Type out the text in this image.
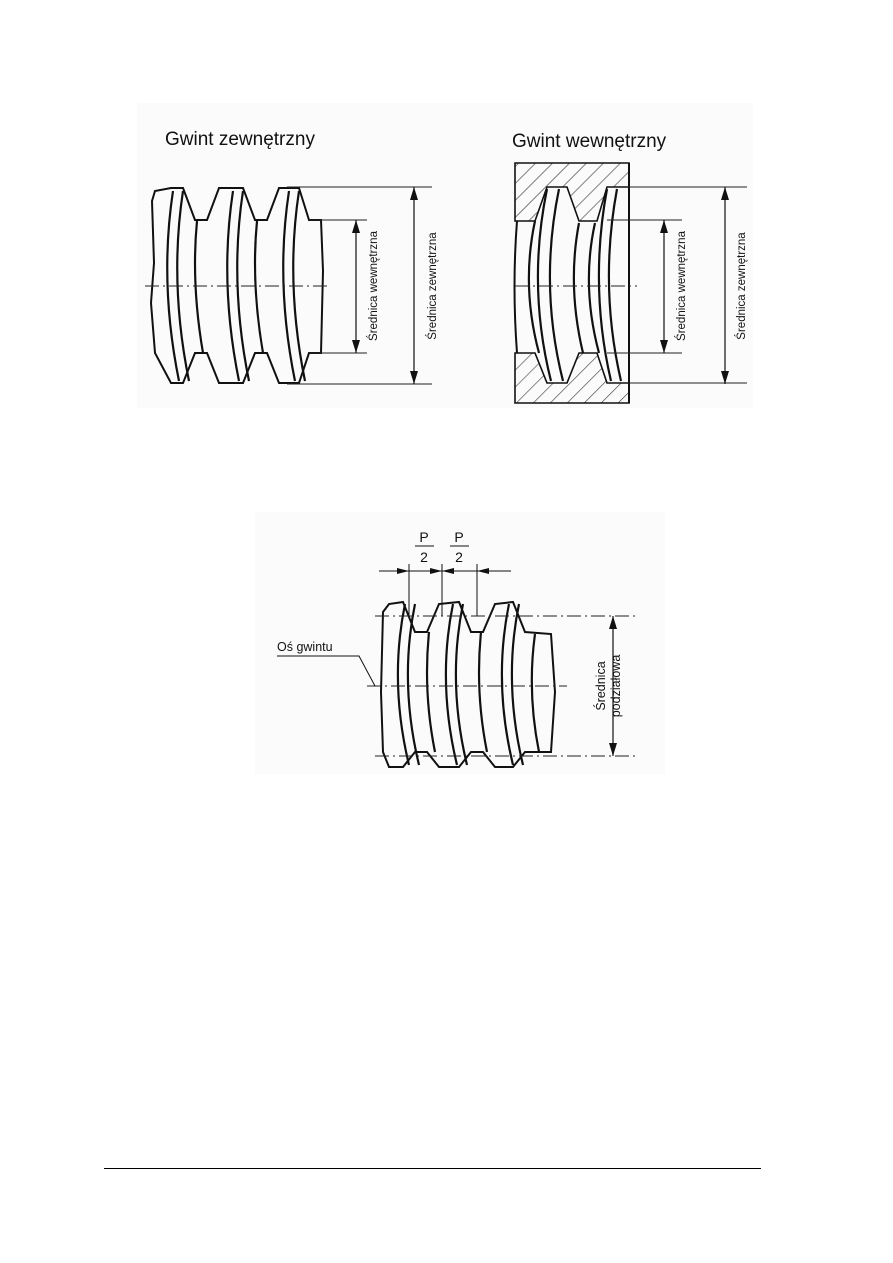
Gwint zewnętrzny
Średnica wewnętrzna	Średnica zewnętrzna
Gwint wewnętrzny
Średnica wewnętrzna	Średnica zewnętrzna
P
2
P
2
Oś gwintu
Średnica podziałowa
